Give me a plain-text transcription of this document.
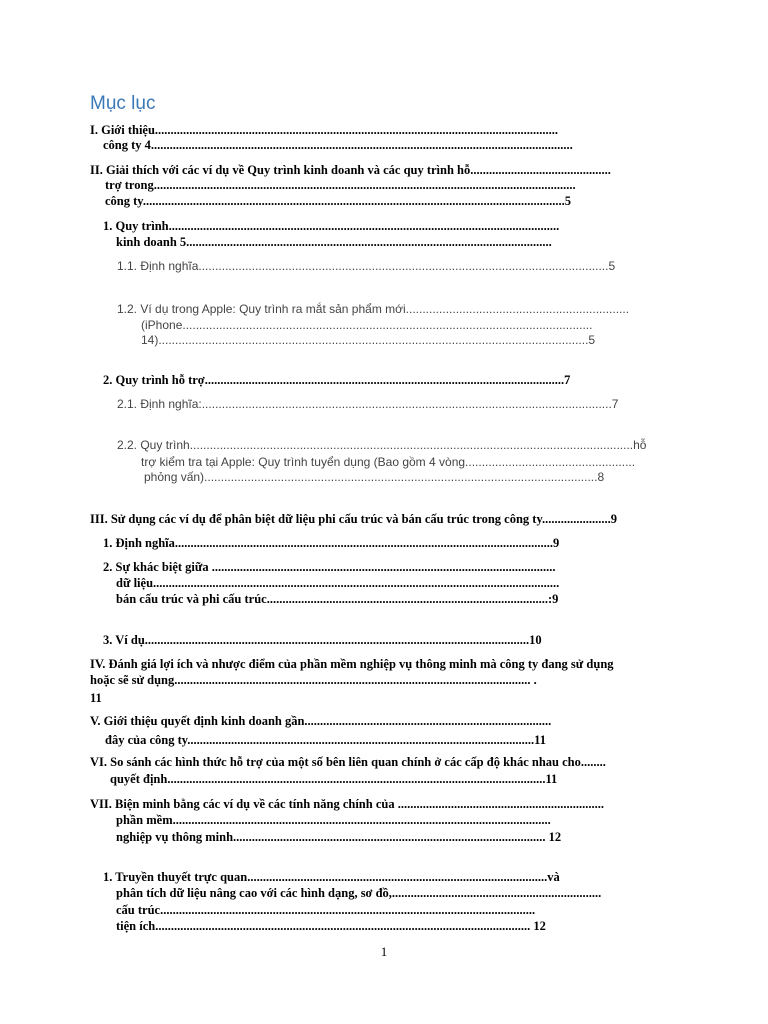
Mục lục
I. Giới thiệu.................................................................................................................................
công ty 4.......................................................................................................................................
II. Giải thích với các ví dụ về Quy trình kinh doanh và các quy trình hỗ.............................................
trợ trong.......................................................................................................................................
công ty.......................................................................................................................................5
1. Quy trình.............................................................................................................................
kinh doanh 5.....................................................................................................................
1.1. Định nghĩa...........................................................................................................................5
1.2. Ví dụ trong Apple: Quy trình ra mắt sản phẩm mới...................................................................
(iPhone...........................................................................................................................
14).................................................................................................................................5
2. Quy trình hỗ trợ...................................................................................................................7
2.1. Định nghĩa:...........................................................................................................................7
2.2. Quy trình.....................................................................................................................................hỗ
trợ kiểm tra tại Apple: Quy trình tuyển dụng (Bao gồm 4 vòng...................................................
phỏng vấn)......................................................................................................................8
III. Sử dụng các ví dụ để phân biệt dữ liệu phi cấu trúc và bán cấu trúc trong công ty......................9
1. Định nghĩa.........................................................................................................................9
2. Sự khác biệt giữa ..............................................................................................................
dữ liệu..................................................................................................................................
bán cấu trúc và phi cấu trúc..........................................................................................:9
3. Ví dụ...........................................................................................................................10
IV. Đánh giá lợi ích và nhược điểm của phần mềm nghiệp vụ thông minh mà công ty đang sử dụng
hoặc sẽ sử dụng.................................................................................................................. .
11
V. Giới thiệu quyết định kinh doanh gần...............................................................................
đây của công ty...............................................................................................................11
VI. So sánh các hình thức hỗ trợ của một số bên liên quan chính ở các cấp độ khác nhau cho........
quyết định.........................................................................................................................11
VII. Biện minh bằng các ví dụ về các tính năng chính của ..................................................................
phần mềm.........................................................................................................................
nghiệp vụ thông minh.................................................................................................... 12
1. Truyền thuyết trực quan................................................................................................và
phân tích dữ liệu nâng cao với các hình dạng, sơ đồ,...................................................................
cấu trúc........................................................................................................................
tiện ích........................................................................................................................ 12
1
